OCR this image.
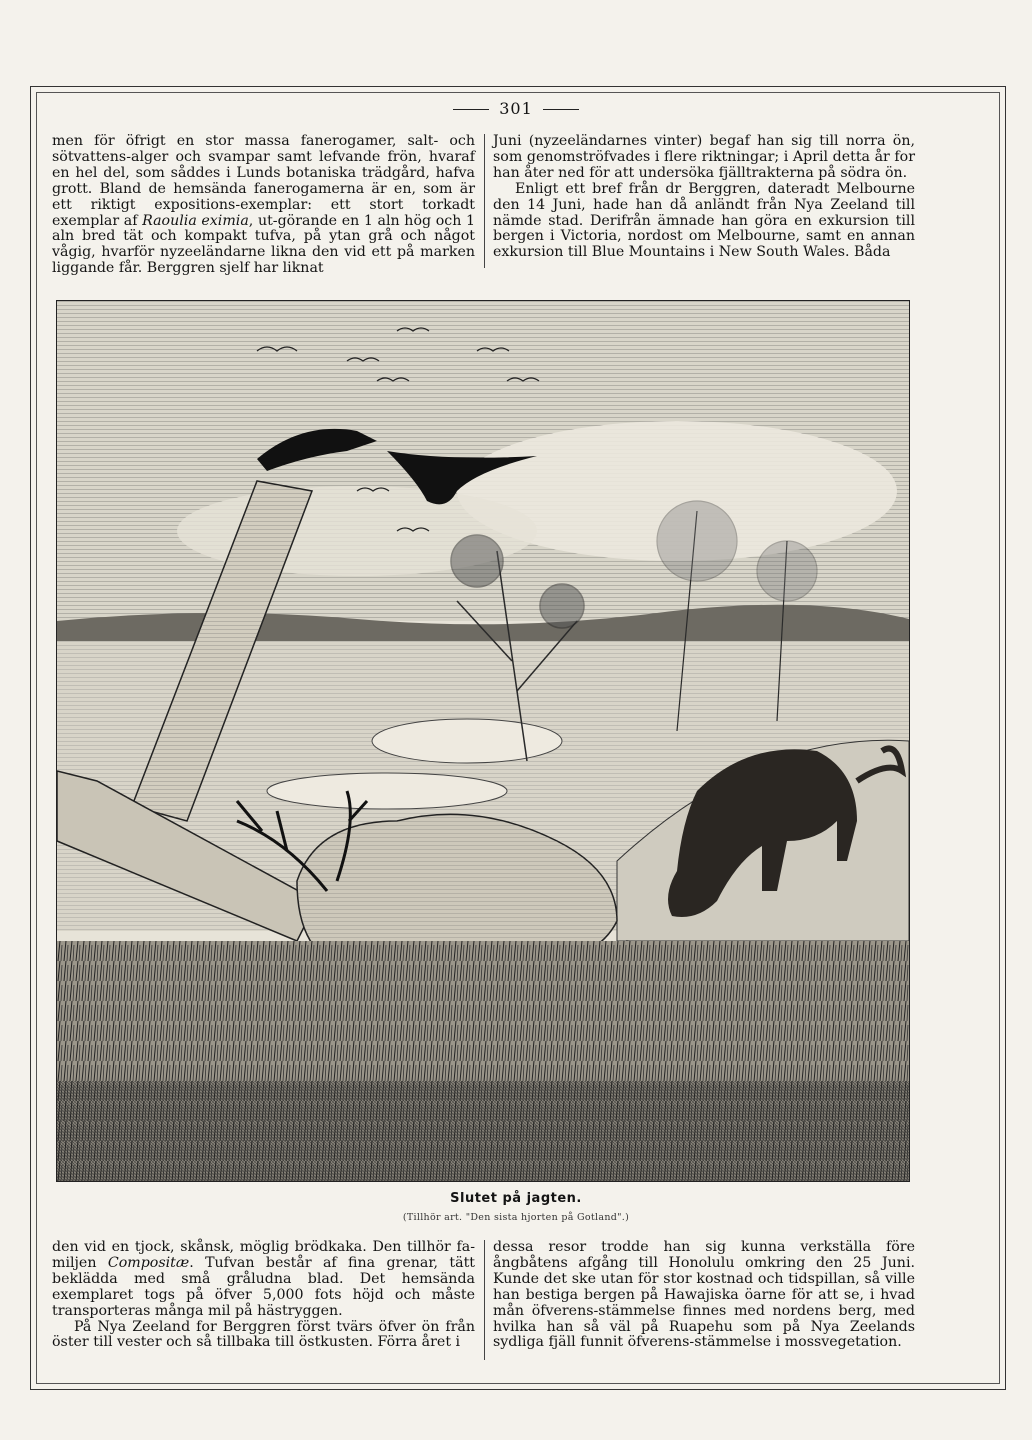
301

men för öfrigt en stor massa fanerogamer, salt- och sötvattens-alger och svampar samt lefvande frön, hvaraf en hel del, som såddes i Lunds botaniska trädgård, hafva grott. Bland de hemsända fanerogamerna är en, som är ett riktigt expositions-exemplar: ett stort torkadt exemplar af Raoulia eximia, ut-görande en 1 aln hög och 1 aln bred tät och kompakt tufva, på ytan grå och något vågig, hvarför nyzeeländarne likna den vid ett på marken liggande får. Berggren sjelf har liknat

Juni (nyzeeländarnes vinter) begaf han sig till norra ön, som genomströfvades i flere riktningar; i April detta år for han åter ned för att undersöka fjälltrakterna på södra ön.

Enligt ett bref från dr Berggren, dateradt Melbourne den 14 Juni, hade han då anländt från Nya Zeeland till nämde stad. Derifrån ämnade han göra en exkursion till bergen i Victoria, nordost om Melbourne, samt en annan exkursion till Blue Mountains i New South Wales. Båda

Slutet på jagten.
(Tillhör art. "Den sista hjorten på Gotland".)

den vid en tjock, skånsk, möglig brödkaka. Den tillhör fa-miljen Compositæ. Tufvan består af fina grenar, tätt beklädda med små gråludna blad. Det hemsända exemplaret togs på öfver 5,000 fots höjd och måste transporteras många mil på hästryggen.

På Nya Zeeland for Berggren först tvärs öfver ön från öster till vester och så tillbaka till östkusten. Förra året i

dessa resor trodde han sig kunna verkställa före ångbåtens afgång till Honolulu omkring den 25 Juni. Kunde det ske utan för stor kostnad och tidspillan, så ville han bestiga bergen på Hawajiska öarne för att se, i hvad mån öfverens-stämmelse finnes med nordens berg, med hvilka han så väl på Ruapehu som på Nya Zeelands sydliga fjäll funnit öfverens-stämmelse i mossvegetation.
